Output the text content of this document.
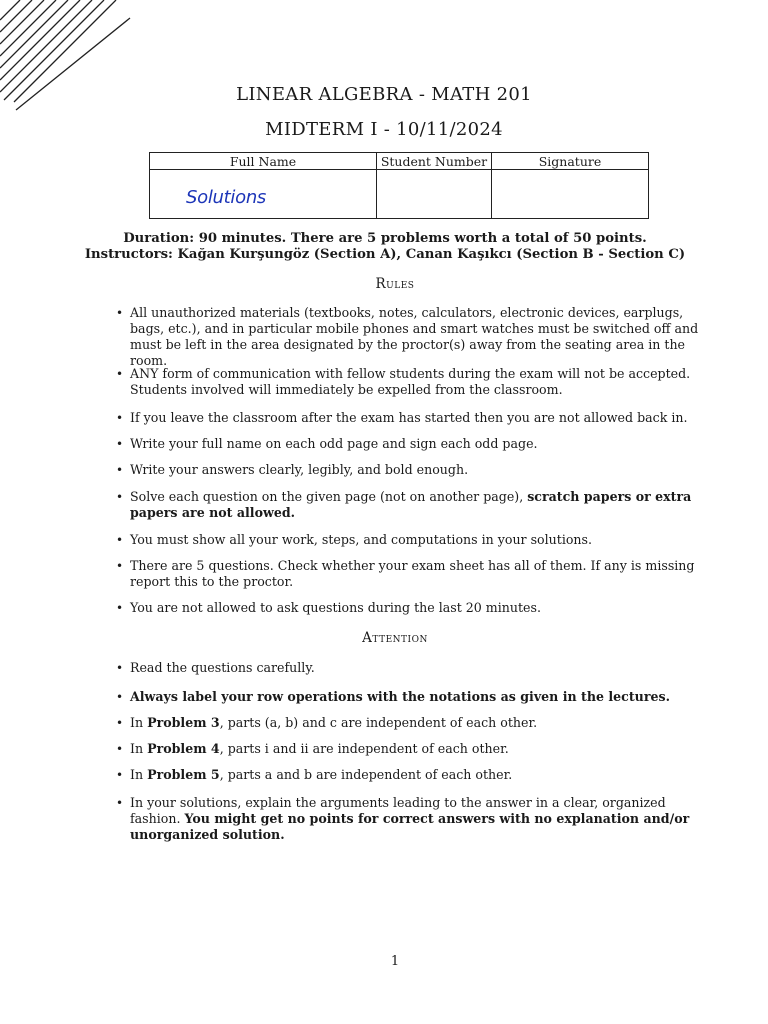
LINEAR ALGEBRA - MATH 201
MIDTERM I - 10/11/2024
Full Name	Student Number	Signature

Solutions		

Duration: 90 minutes. There are 5 problems worth a total of 50 points.
Instructors: Kağan Kurşungöz (Section A), Canan Kaşıkcı (Section B - Section C)
Rules
• All unauthorized materials (textbooks, notes, calculators, electronic devices, earplugs, bags, etc.), and in particular mobile phones and smart watches must be switched off and must be left in the area designated by the proctor(s) away from the seating area in the room.
• ANY form of communication with fellow students during the exam will not be accepted. Students involved will immediately be expelled from the classroom.
• If you leave the classroom after the exam has started then you are not allowed back in.
• Write your full name on each odd page and sign each odd page.
• Write your answers clearly, legibly, and bold enough.
• Solve each question on the given page (not on another page), scratch papers or extra papers are not allowed.
• You must show all your work, steps, and computations in your solutions.
• There are 5 questions. Check whether your exam sheet has all of them. If any is missing report this to the proctor.
• You are not allowed to ask questions during the last 20 minutes.
Attention
• Read the questions carefully.
• Always label your row operations with the notations as given in the lectures.
• In Problem 3, parts (a, b) and c are independent of each other.
• In Problem 4, parts i and ii are independent of each other.
• In Problem 5, parts a and b are independent of each other.
• In your solutions, explain the arguments leading to the answer in a clear, organized fashion. You might get no points for correct answers with no explanation and/or unorganized solution.
1
